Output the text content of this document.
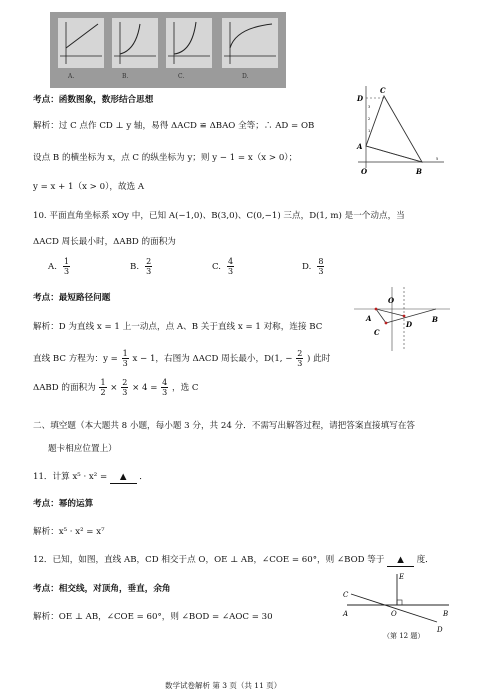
A.	B.	C.	D.
考点：函数图象，数形结合思想
解析：过 C 点作 CD ⊥ y 轴，易得 ΔACD ≌ ΔBAO 全等；∴ AD = OB
设点 B 的横坐标为 x，点 C 的纵坐标为 y；则 y − 1 = x（x > 0）；
y = x + 1（x > 0），故选 A
D
C
A
O	B
1
2
3
5
10. 平面直角坐标系 xOy 中，已知 A(−1,0)、B(3,0)、C(0,−1) 三点，D(1, m) 是一个动点，当
ΔACD 周长最小时，ΔABD 的面积为
A. $\frac{1}{3}$	B. $\frac{2}{3}$	C. $\frac{4}{3}$	D. $\frac{8}{3}$
考点：最短路径问题
解析：D 为直线 x = 1 上一动点，点 A、B 关于直线 x = 1 对称，连接 BC
直线 BC 方程为：$y = \frac{1}{3}$ x − 1，右图为 ΔACD 周长最小，D(1, − $\frac{2}{3}$ ) 此时
ΔABD 的面积为 $\frac{1}{2} \times \frac{2}{3} \times 4 = \frac{4}{3}$ ，选 C
O
A
D
B
C
二、填空题（本大题共 8 小题，每小题 3 分，共 24 分．不需写出解答过程，请把答案直接填写在答
题卡相应位置上）
11．计算 x⁵ · x² = ▲ ．
考点：幂的运算
解析：x⁵ · x² = x⁷
12．已知，如图，直线 AB，CD 相交于点 O，OE ⊥ AB，∠COE = 60°，则 ∠BOD 等于 ▲ 度．
考点：相交线，对顶角，垂直，余角
解析：OE ⊥ AB，∠COE = 60°，则 ∠BOD = ∠AOC = 30
E
C
A	O	B
D
（第 12 题）
数学试卷解析 第 3 页（共 11 页）
